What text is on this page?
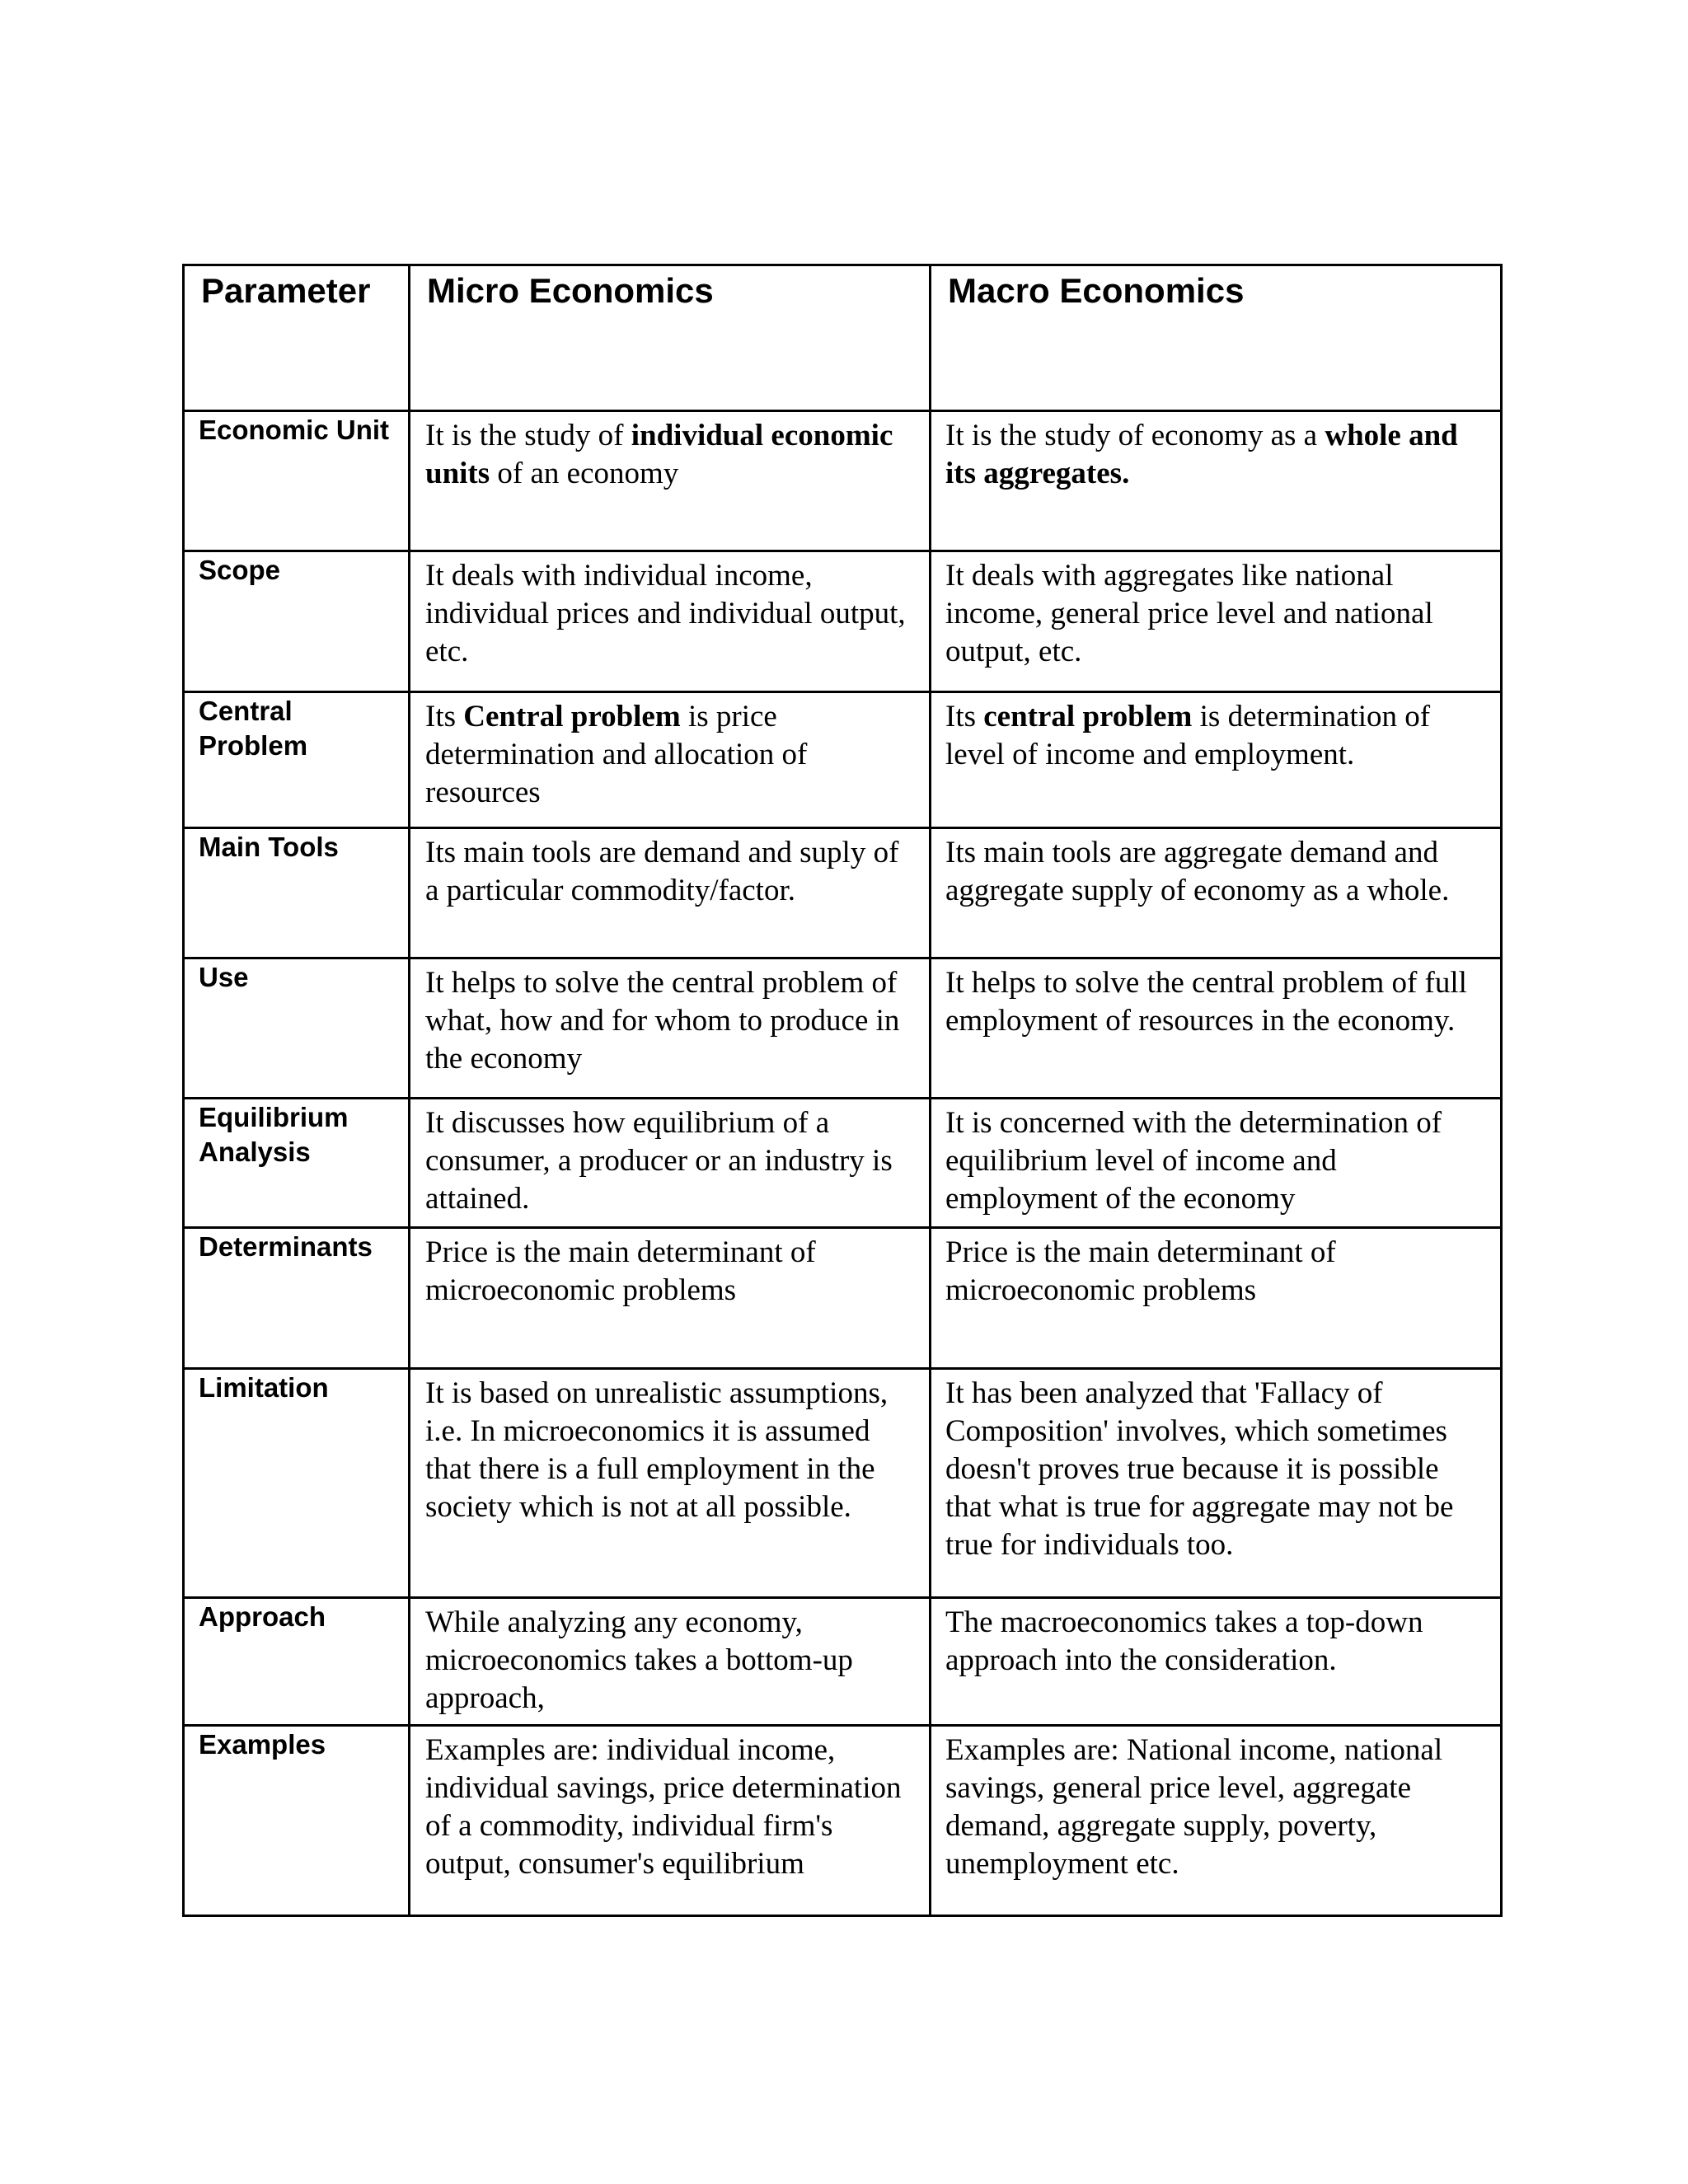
Parameter	Micro Economics	Macro Economics
Economic Unit	It is the study of individual economic units of an economy	It is the study of economy as a whole and its aggregates.
Scope	It deals with individual income, individual prices and individual output, etc.	It deals with aggregates like national income, general price level and national output, etc.
Central Problem	Its Central problem is price determination and allocation of resources	Its central problem is determination of level of income and employment.
Main Tools	Its main tools are demand and suply of a particular commodity/factor.	Its main tools are aggregate demand and aggregate supply of economy as a whole.
Use	It helps to solve the central problem of what, how and for whom to produce in the economy	It helps to solve the central problem of full employment of resources in the economy.
Equilibrium Analysis	It discusses how equilibrium of a consumer, a producer or an industry is attained.	It is concerned with the determination of equilibrium level of income and employment of the economy
Determinants	Price is the main determinant of microeconomic problems	Price is the main determinant of microeconomic problems
Limitation	It is based on unrealistic assumptions, i.e. In microeconomics it is assumed that there is a full employment in the society which is not at all possible.	It has been analyzed that 'Fallacy of Composition' involves, which sometimes doesn't proves true because it is possible that what is true for aggregate may not be true for individuals too.
Approach	While analyzing any economy, microeconomics takes a bottom-up approach,	The macroeconomics takes a top-down approach into the consideration.
Examples	Examples are: individual income, individual savings, price determination of a commodity, individual firm's output, consumer's equilibrium	Examples are: National income, national savings, general price level, aggregate demand, aggregate supply, poverty, unemployment etc.
